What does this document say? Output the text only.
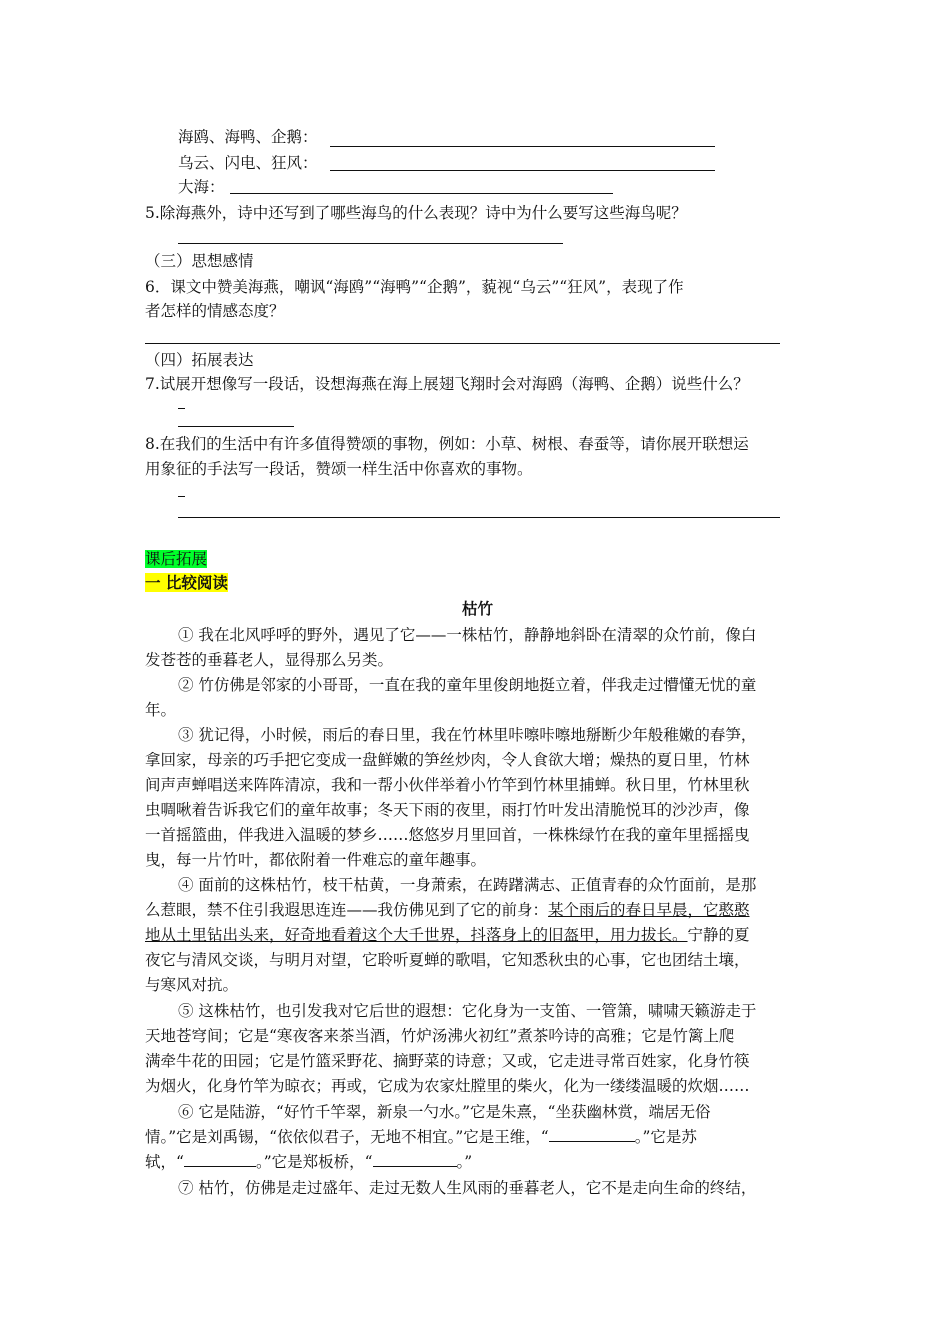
海鸥、海鸭、企鹅：
乌云、闪电、狂风：
大海：
5.除海燕外，诗中还写到了哪些海鸟的什么表现？诗中为什么要写这些海鸟呢？
（三）思想感情
6．课文中赞美海燕，嘲讽“海鸥”“海鸭”“企鹅”，藐视“乌云”“狂风”，表现了作
者怎样的情感态度？
（四）拓展表达
7.试展开想像写一段话，设想海燕在海上展翅飞翔时会对海鸥（海鸭、企鹅）说些什么？
8.在我们的生活中有许多值得赞颂的事物，例如：小草、树根、春蚕等，请你展开联想运
用象征的手法写一段话，赞颂一样生活中你喜欢的事物。
课后拓展
一 比较阅读
枯竹
① 我在北风呼呼的野外，遇见了它——一株枯竹，静静地斜卧在清翠的众竹前，像白
发苍苍的垂暮老人，显得那么另类。
② 竹仿佛是邻家的小哥哥，一直在我的童年里俊朗地挺立着，伴我走过懵懂无忧的童
年。
③ 犹记得，小时候，雨后的春日里，我在竹林里咔嚓咔嚓地掰断少年般稚嫩的春笋，
拿回家，母亲的巧手把它变成一盘鲜嫩的笋丝炒肉，令人食欲大增；燥热的夏日里，竹林
间声声蝉唱送来阵阵清凉，我和一帮小伙伴举着小竹竿到竹林里捕蝉。秋日里，竹林里秋
虫啁啾着告诉我它们的童年故事；冬天下雨的夜里，雨打竹叶发出清脆悦耳的沙沙声，像
一首摇篮曲，伴我进入温暖的梦乡……悠悠岁月里回首，一株株绿竹在我的童年里摇摇曳
曳，每一片竹叶，都依附着一件难忘的童年趣事。
④ 面前的这株枯竹，枝干枯黄，一身萧索，在踌躇满志、正值青春的众竹面前，是那
么惹眼，禁不住引我遐思连连——我仿佛见到了它的前身：某个雨后的春日早晨，它憨憨
地从土里钻出头来，好奇地看着这个大千世界，抖落身上的旧盔甲，用力拔长。宁静的夏
夜它与清风交谈，与明月对望，它聆听夏蝉的歌唱，它知悉秋虫的心事，它也团结土壤，
与寒风对抗。
⑤ 这株枯竹，也引发我对它后世的遐想：它化身为一支笛、一管箫，啸啸天籁游走于
天地苍穹间；它是“寒夜客来茶当酒，竹炉汤沸火初红”煮茶吟诗的高雅；它是竹篱上爬
满牵牛花的田园；它是竹篮采野花、摘野菜的诗意；又或，它走进寻常百姓家，化身竹筷
为烟火，化身竹竿为晾衣；再或，它成为农家灶膛里的柴火，化为一缕缕温暖的炊烟……
⑥ 它是陆游，“好竹千竿翠，新泉一勺水。”它是朱熹，“坐获幽林赏，端居无俗
情。”它是刘禹锡，“依依似君子，无地不相宜。”它是王维，“	。”它是苏
轼，“	。”它是郑板桥，“	。”
⑦ 枯竹，仿佛是走过盛年、走过无数人生风雨的垂暮老人，它不是走向生命的终结，
